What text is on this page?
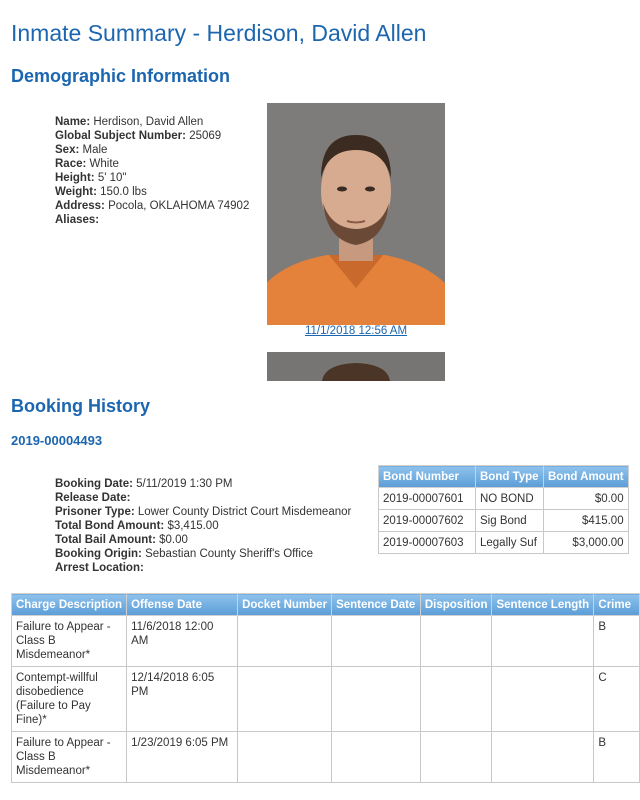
Inmate Summary - Herdison, David Allen
Demographic Information
Name: Herdison, David Allen
Global Subject Number: 25069
Sex: Male
Race: White
Height: 5' 10"
Weight: 150.0 lbs
Address: Pocola, OKLAHOMA 74902
Aliases:
11/1/2018 12:56 AM
Booking History
2019-00004493
Booking Date: 5/11/2019 1:30 PM
Release Date:
Prisoner Type: Lower County District Court Misdemeanor
Total Bond Amount: $3,415.00
Total Bail Amount: $0.00
Booking Origin: Sebastian County Sheriff's Office
Arrest Location:
Bond Number	Bond Type	Bond Amount
2019-00007601	NO BOND	$0.00
2019-00007602	Sig Bond	$415.00
2019-00007603	Legally Suf	$3,000.00
Charge Description	Offense Date	Docket Number	Sentence Date	Disposition	Sentence Length	Crime
Failure to Appear - Class B Misdemeanor*	11/6/2018 12:00 AM					B
Contempt-willful disobedience (Failure to Pay Fine)*	12/14/2018 6:05 PM					C
Failure to Appear - Class B Misdemeanor*	1/23/2019 6:05 PM					B
